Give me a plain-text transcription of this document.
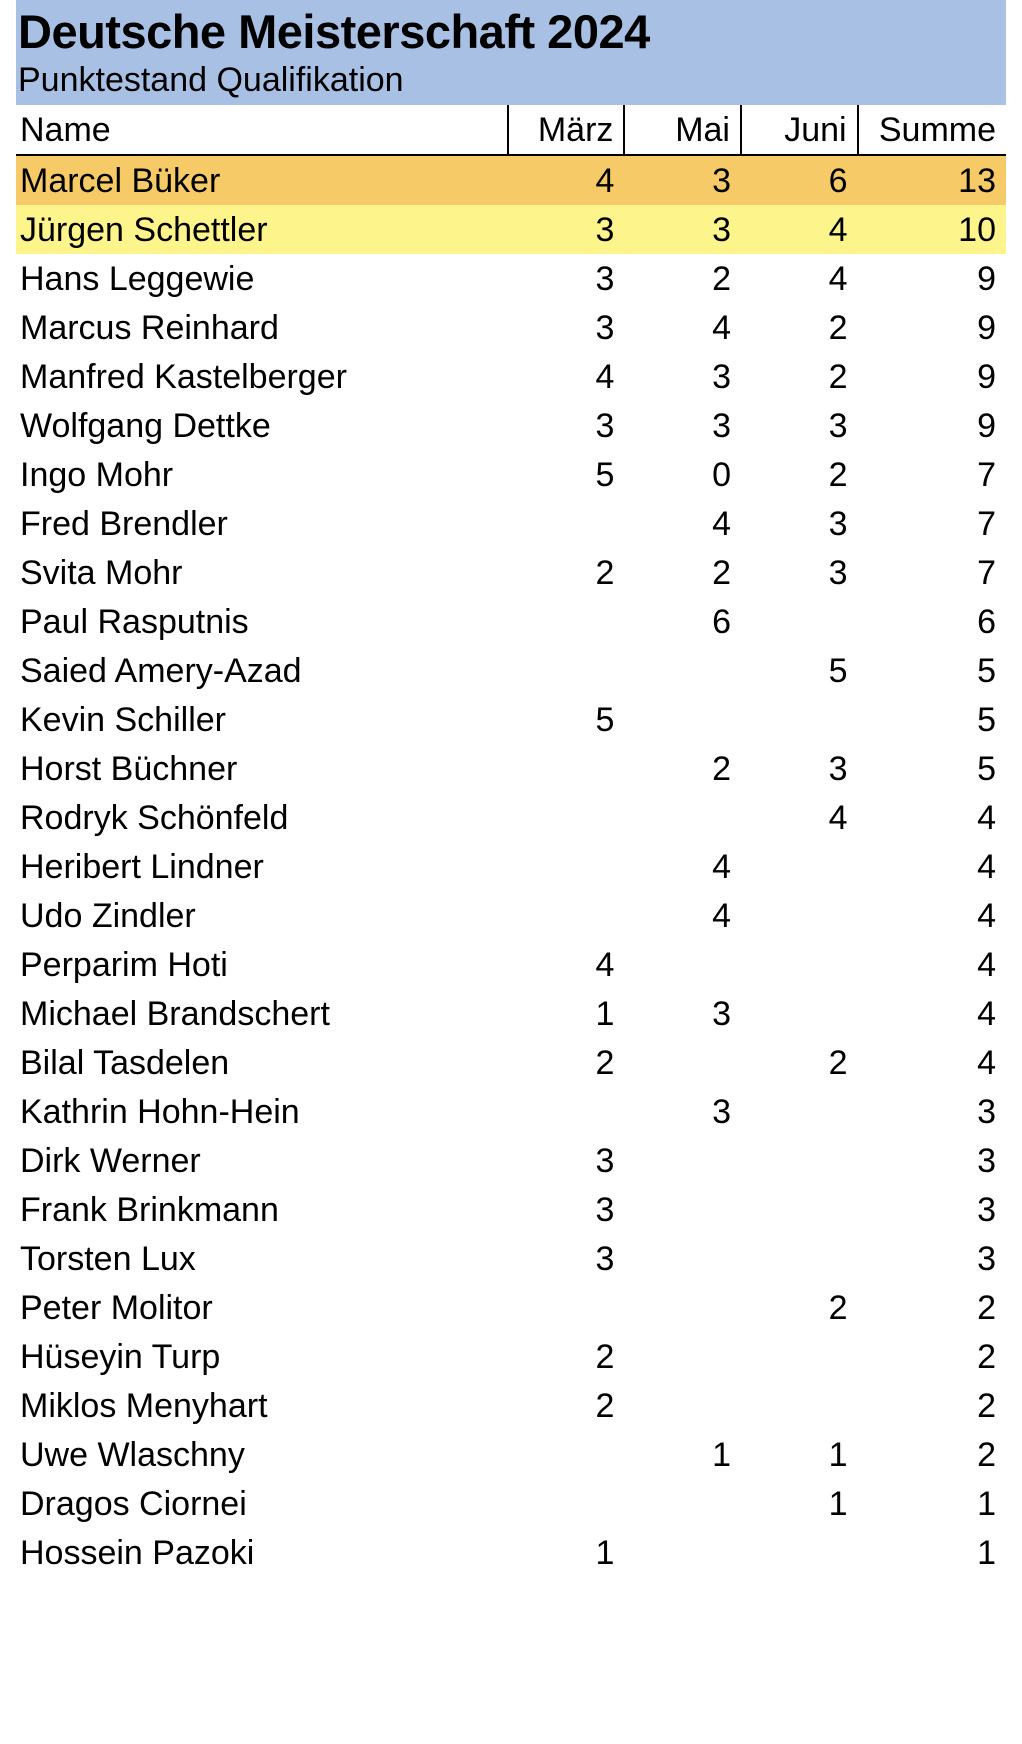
Deutsche Meisterschaft 2024
Punktestand Qualifikation
Name	März	Mai	Juni	Summe
Marcel Büker	4	3	6	13
Jürgen Schettler	3	3	4	10
Hans Leggewie	3	2	4	9
Marcus Reinhard	3	4	2	9
Manfred Kastelberger	4	3	2	9
Wolfgang Dettke	3	3	3	9
Ingo Mohr	5	0	2	7
Fred Brendler		4	3	7
Svita Mohr	2	2	3	7
Paul Rasputnis		6		6
Saied Amery-Azad			5	5
Kevin Schiller	5			5
Horst Büchner		2	3	5
Rodryk Schönfeld			4	4
Heribert Lindner		4		4
Udo Zindler		4		4
Perparim Hoti	4			4
Michael Brandschert	1	3		4
Bilal Tasdelen	2		2	4
Kathrin Hohn-Hein		3		3
Dirk Werner	3			3
Frank Brinkmann	3			3
Torsten Lux	3			3
Peter Molitor			2	2
Hüseyin Turp	2			2
Miklos Menyhart	2			2
Uwe Wlaschny		1	1	2
Dragos Ciornei			1	1
Hossein Pazoki	1			1
